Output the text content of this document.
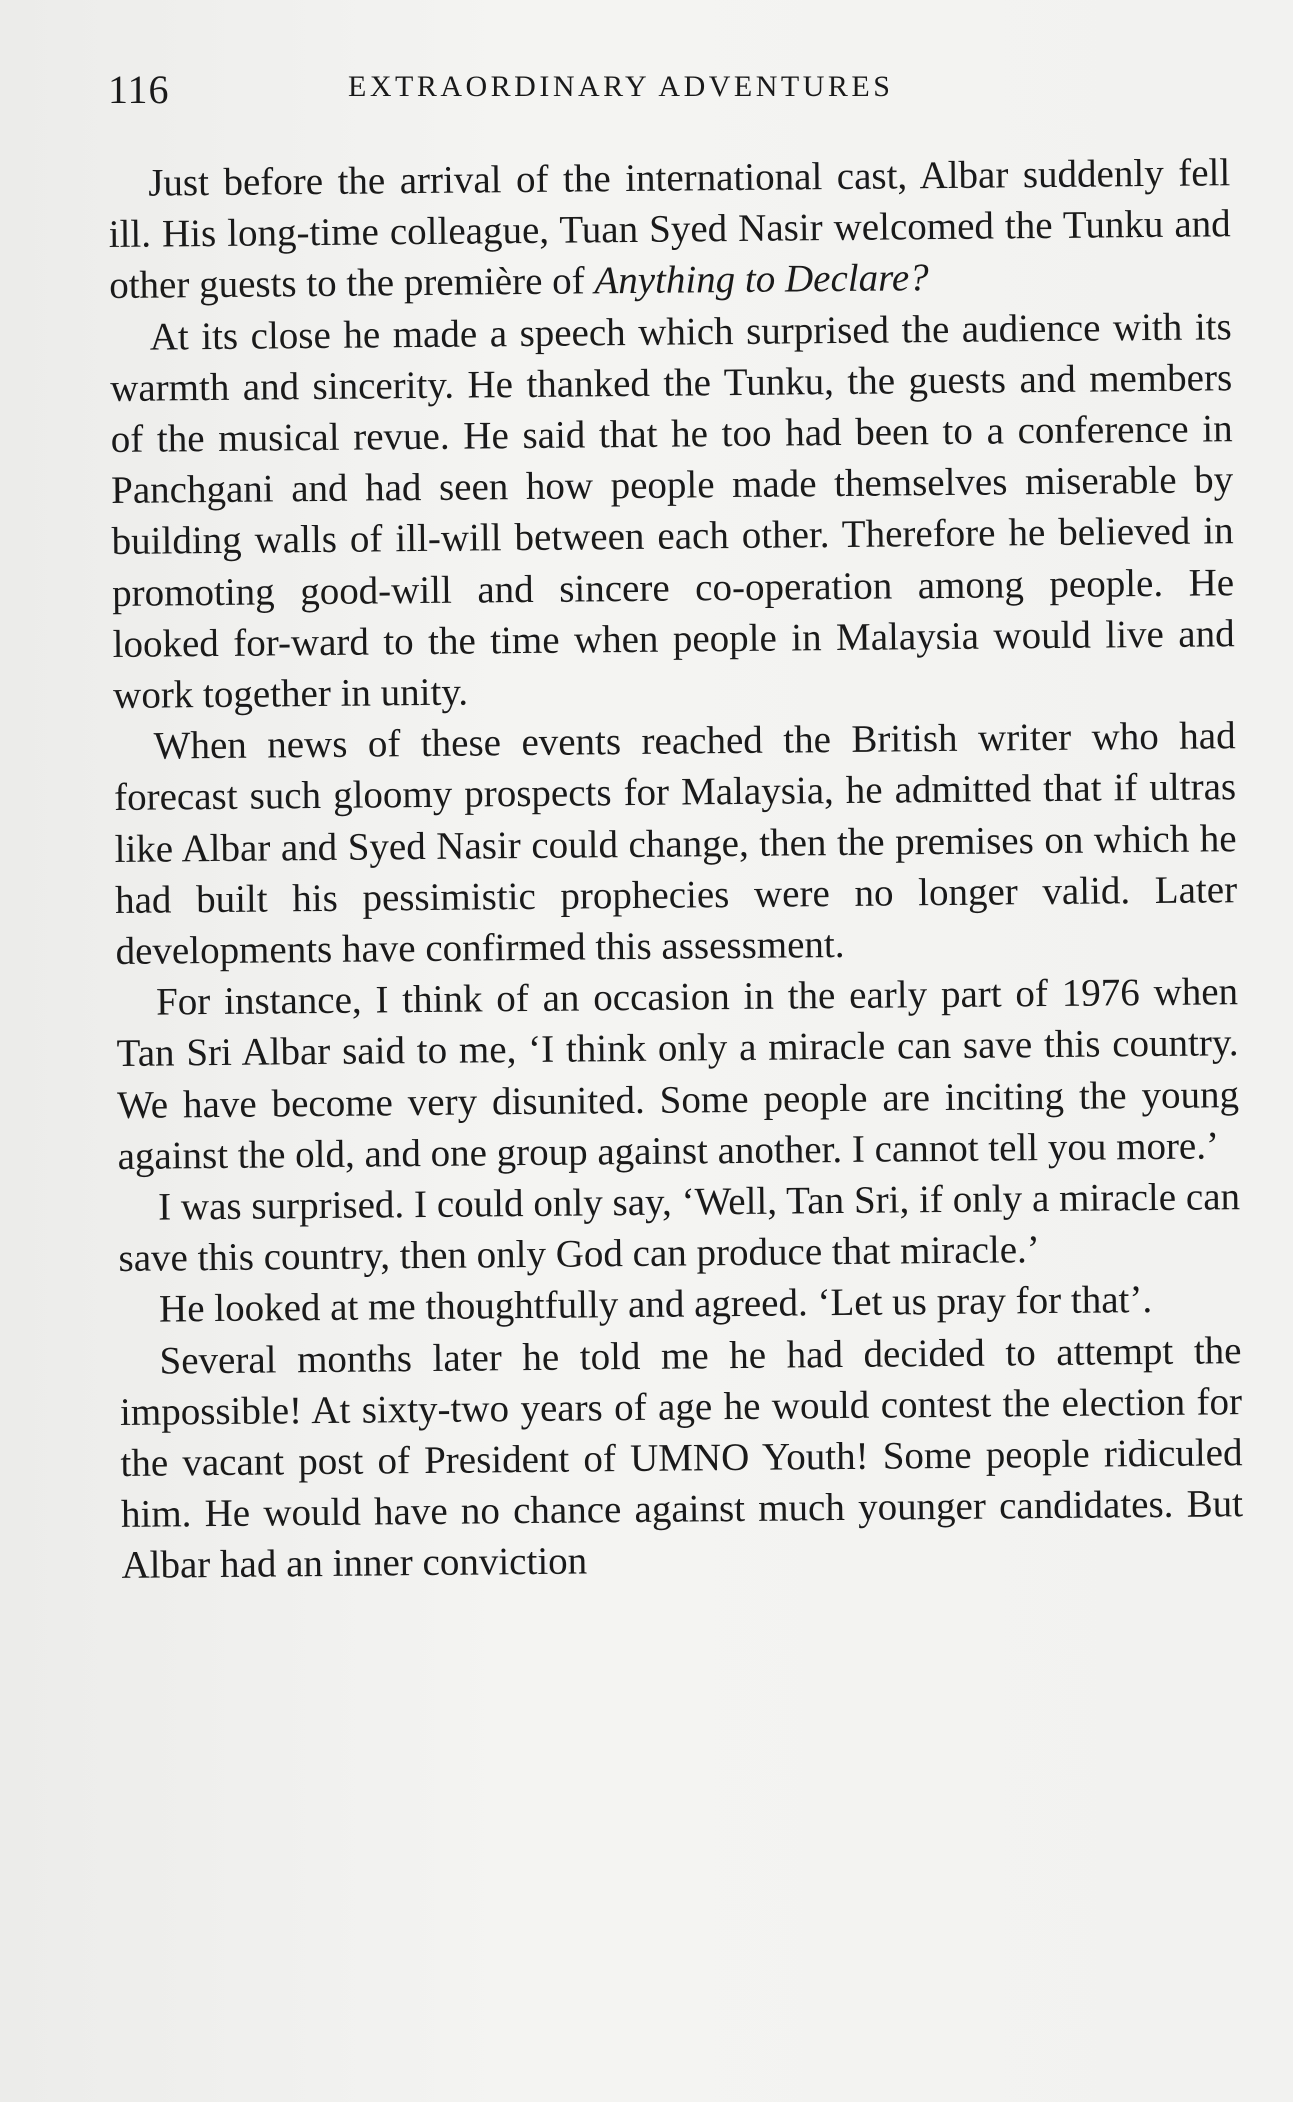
116	EXTRAORDINARY ADVENTURES

Just before the arrival of the international cast, Albar suddenly fell ill. His long-time colleague, Tuan Syed Nasir welcomed the Tunku and other guests to the première of Anything to Declare?

At its close he made a speech which surprised the audience with its warmth and sincerity. He thanked the Tunku, the guests and members of the musical revue. He said that he too had been to a conference in Panchgani and had seen how people made themselves miserable by building walls of ill-will between each other. Therefore he believed in promoting good-will and sincere co-operation among people. He looked for-ward to the time when people in Malaysia would live and work together in unity.

When news of these events reached the British writer who had forecast such gloomy prospects for Malaysia, he admitted that if ultras like Albar and Syed Nasir could change, then the premises on which he had built his pessimistic prophecies were no longer valid. Later developments have confirmed this assessment.

For instance, I think of an occasion in the early part of 1976 when Tan Sri Albar said to me, ‘I think only a miracle can save this country. We have become very disunited. Some people are inciting the young against the old, and one group against another. I cannot tell you more.’

I was surprised. I could only say, ‘Well, Tan Sri, if only a miracle can save this country, then only God can produce that miracle.’

He looked at me thoughtfully and agreed. ‘Let us pray for that’.

Several months later he told me he had decided to attempt the impossible! At sixty-two years of age he would contest the election for the vacant post of President of UMNO Youth! Some people ridiculed him. He would have no chance against much younger candidates. But Albar had an inner conviction
